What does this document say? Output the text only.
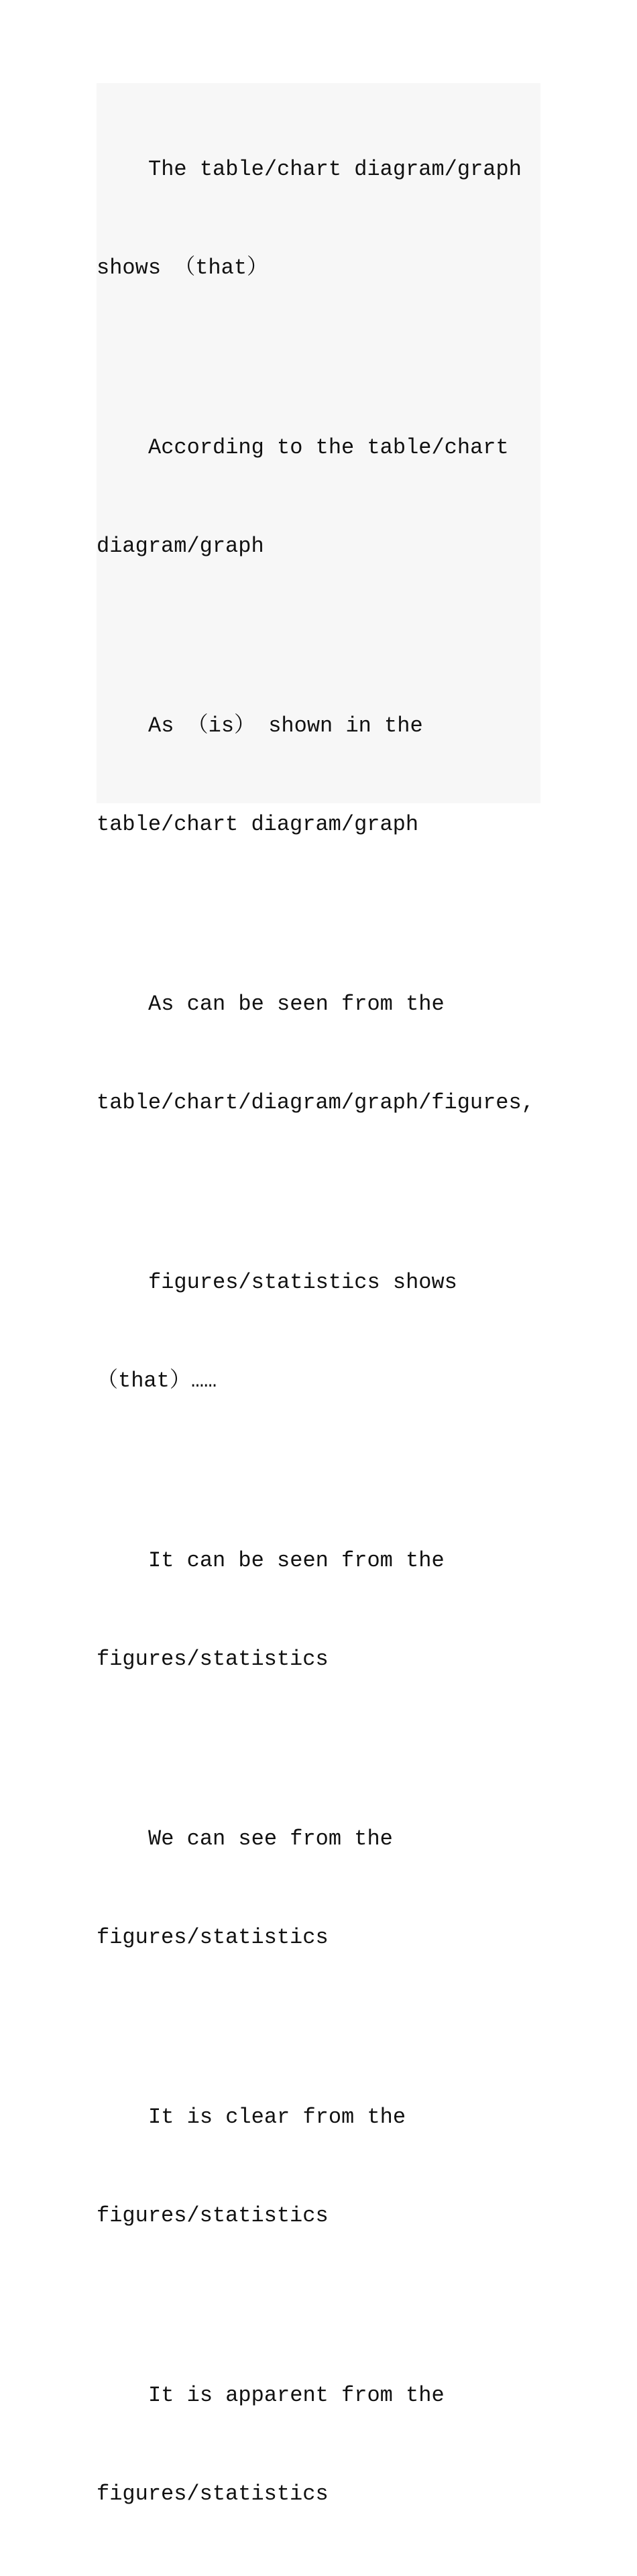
The table/chart diagram/graph

shows （that）

According to the table/chart

diagram/graph

As （is） shown in the

table/chart diagram/graph

As can be seen from the

table/chart/diagram/graph/figures,

figures/statistics shows

（that）……

It can be seen from the

figures/statistics

We can see from the

figures/statistics

It is clear from the

figures/statistics

It is apparent from the

figures/statistics
